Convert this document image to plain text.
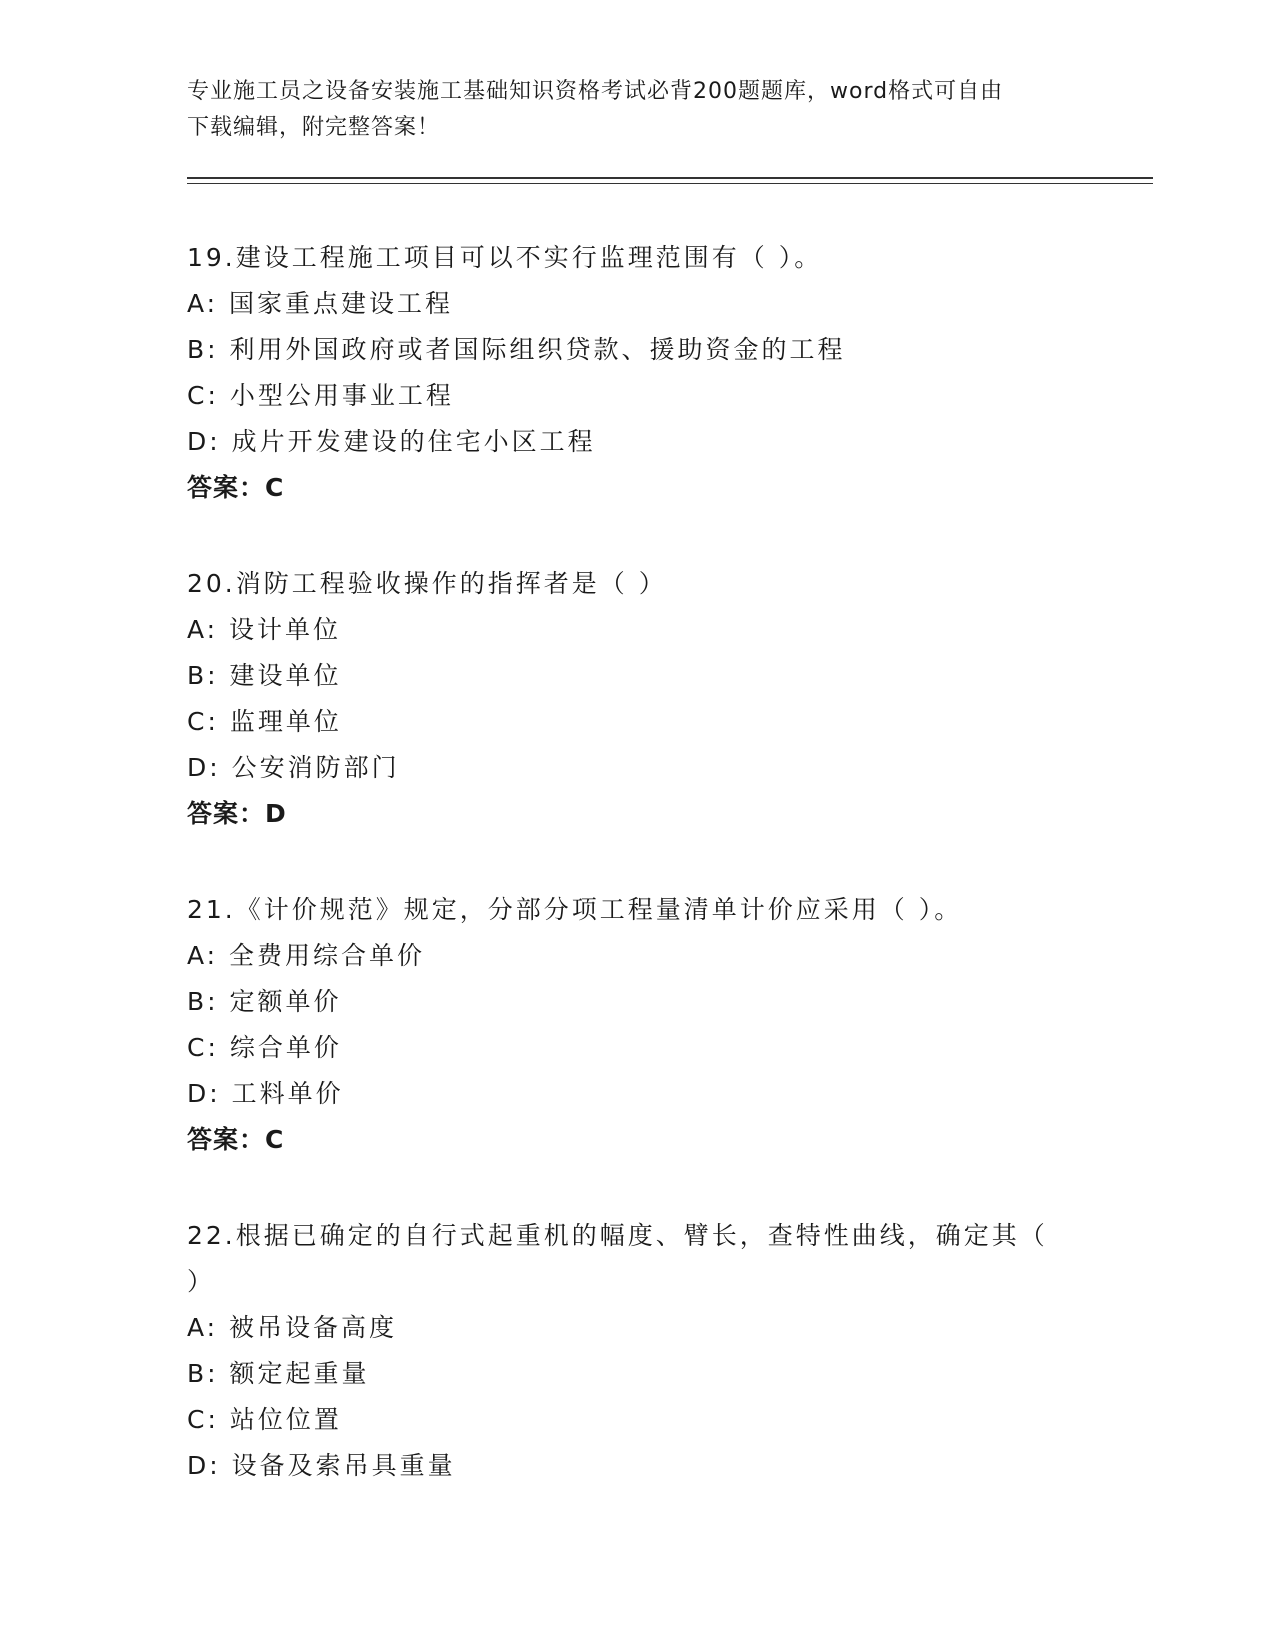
专业施工员之设备安装施工基础知识资格考试必背200题题库，word格式可自由
下载编辑，附完整答案！
19.建设工程施工项目可以不实行监理范围有（ ）。
A: 国家重点建设工程
B: 利用外国政府或者国际组织贷款、援助资金的工程
C: 小型公用事业工程
D: 成片开发建设的住宅小区工程
答案：C
20.消防工程验收操作的指挥者是（ ）
A: 设计单位
B: 建设单位
C: 监理单位
D: 公安消防部门
答案：D
21.《计价规范》规定，分部分项工程量清单计价应采用（ ）。
A: 全费用综合单价
B: 定额单价
C: 综合单价
D: 工料单价
答案：C
22.根据已确定的自行式起重机的幅度、臂长，查特性曲线，确定其（
）
A: 被吊设备高度
B: 额定起重量
C: 站位位置
D: 设备及索吊具重量
